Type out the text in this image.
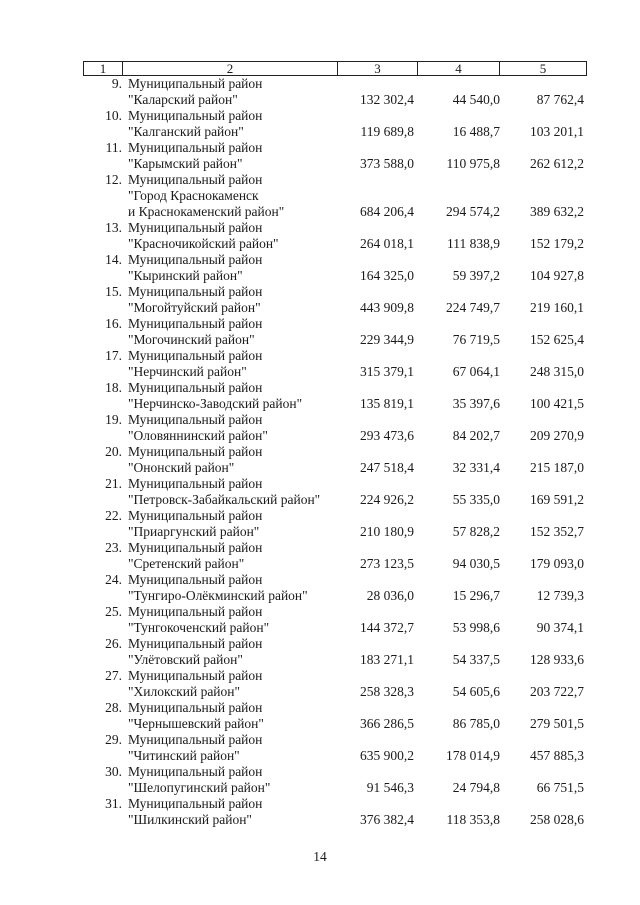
1	2	3	4	5
9. Муниципальный район
"Каларский район"	132 302,4	44 540,0	87 762,4
10. Муниципальный район
"Калганский район"	119 689,8	16 488,7	103 201,1
11. Муниципальный район
"Карымский район"	373 588,0	110 975,8	262 612,2
12. Муниципальный район
"Город Краснокаменск
и Краснокаменский район"	684 206,4	294 574,2	389 632,2
13. Муниципальный район
"Красночикойский район"	264 018,1	111 838,9	152 179,2
14. Муниципальный район
"Кыринский район"	164 325,0	59 397,2	104 927,8
15. Муниципальный район
"Могойтуйский район"	443 909,8	224 749,7	219 160,1
16. Муниципальный район
"Могочинский район"	229 344,9	76 719,5	152 625,4
17. Муниципальный район
"Нерчинский район"	315 379,1	67 064,1	248 315,0
18. Муниципальный район
"Нерчинско-Заводский район"	135 819,1	35 397,6	100 421,5
19. Муниципальный район
"Оловяннинский район"	293 473,6	84 202,7	209 270,9
20. Муниципальный район
"Ононский район"	247 518,4	32 331,4	215 187,0
21. Муниципальный район
"Петровск-Забайкальский район"	224 926,2	55 335,0	169 591,2
22. Муниципальный район
"Приаргунский район"	210 180,9	57 828,2	152 352,7
23. Муниципальный район
"Сретенский район"	273 123,5	94 030,5	179 093,0
24. Муниципальный район
"Тунгиро-Олёкминский район"	28 036,0	15 296,7	12 739,3
25. Муниципальный район
"Тунгокоченский район"	144 372,7	53 998,6	90 374,1
26. Муниципальный район
"Улётовский район"	183 271,1	54 337,5	128 933,6
27. Муниципальный район
"Хилокский район"	258 328,3	54 605,6	203 722,7
28. Муниципальный район
"Чернышевский район"	366 286,5	86 785,0	279 501,5
29. Муниципальный район
"Читинский район"	635 900,2	178 014,9	457 885,3
30. Муниципальный район
"Шелопугинский район"	91 546,3	24 794,8	66 751,5
31. Муниципальный район
"Шилкинский район"	376 382,4	118 353,8	258 028,6
14
